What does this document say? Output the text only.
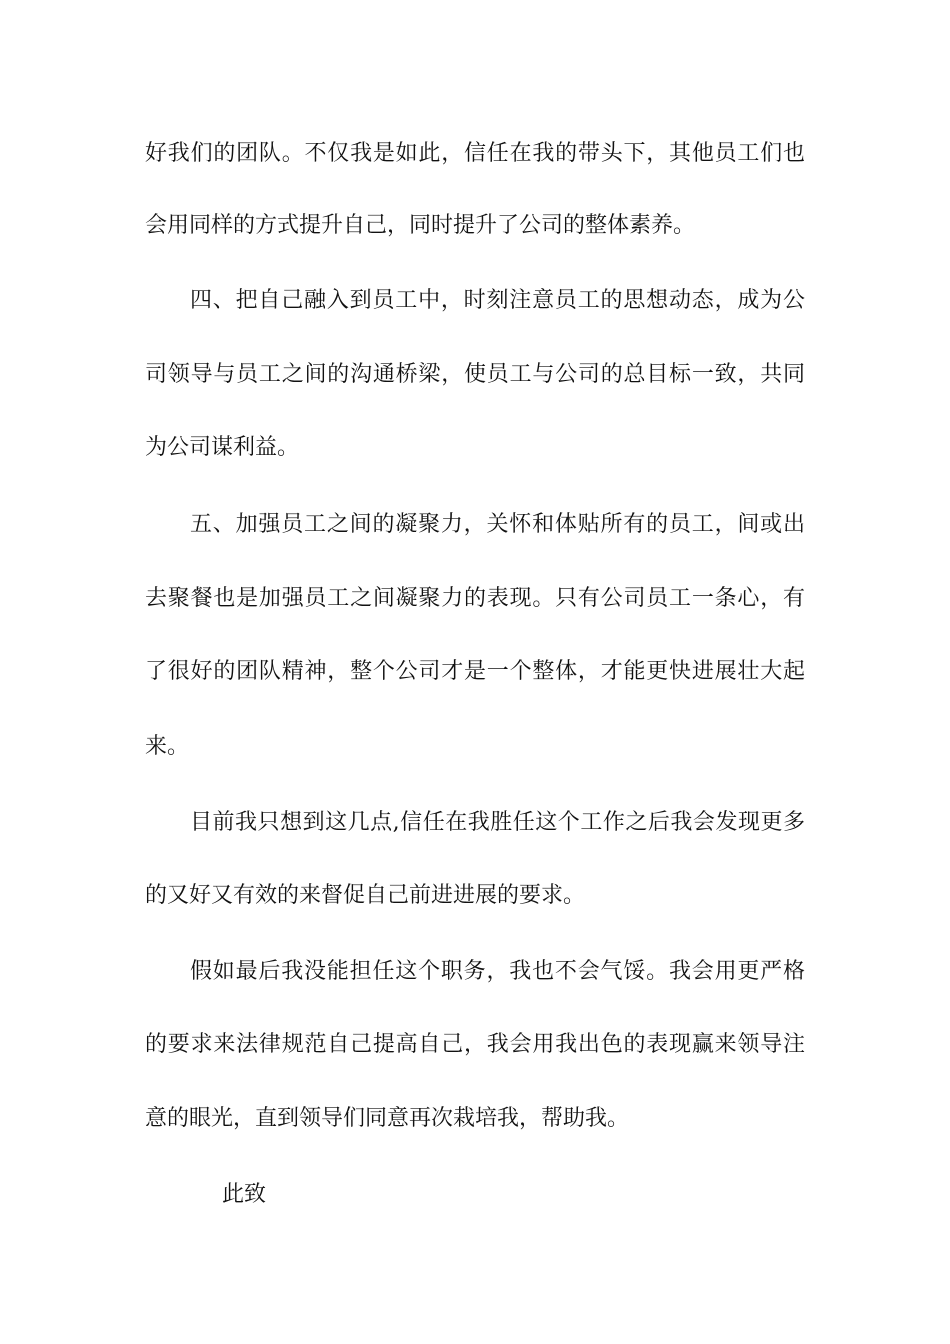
好我们的团队。不仅我是如此，信任在我的带头下，其他员工们也
会用同样的方式提升自己，同时提升了公司的整体素养。
四、把自己融入到员工中，时刻注意员工的思想动态，成为公
司领导与员工之间的沟通桥梁，使员工与公司的总目标一致，共同
为公司谋利益。
五、加强员工之间的凝聚力，关怀和体贴所有的员工，间或出
去聚餐也是加强员工之间凝聚力的表现。只有公司员工一条心，有
了很好的团队精神，整个公司才是一个整体，才能更快进展壮大起
来。
目前我只想到这几点,信任在我胜任这个工作之后我会发现更多
的又好又有效的来督促自己前进进展的要求。
假如最后我没能担任这个职务，我也不会气馁。我会用更严格
的要求来法律规范自己提高自己，我会用我出色的表现赢来领导注
意的眼光，直到领导们同意再次栽培我，帮助我。
此致
